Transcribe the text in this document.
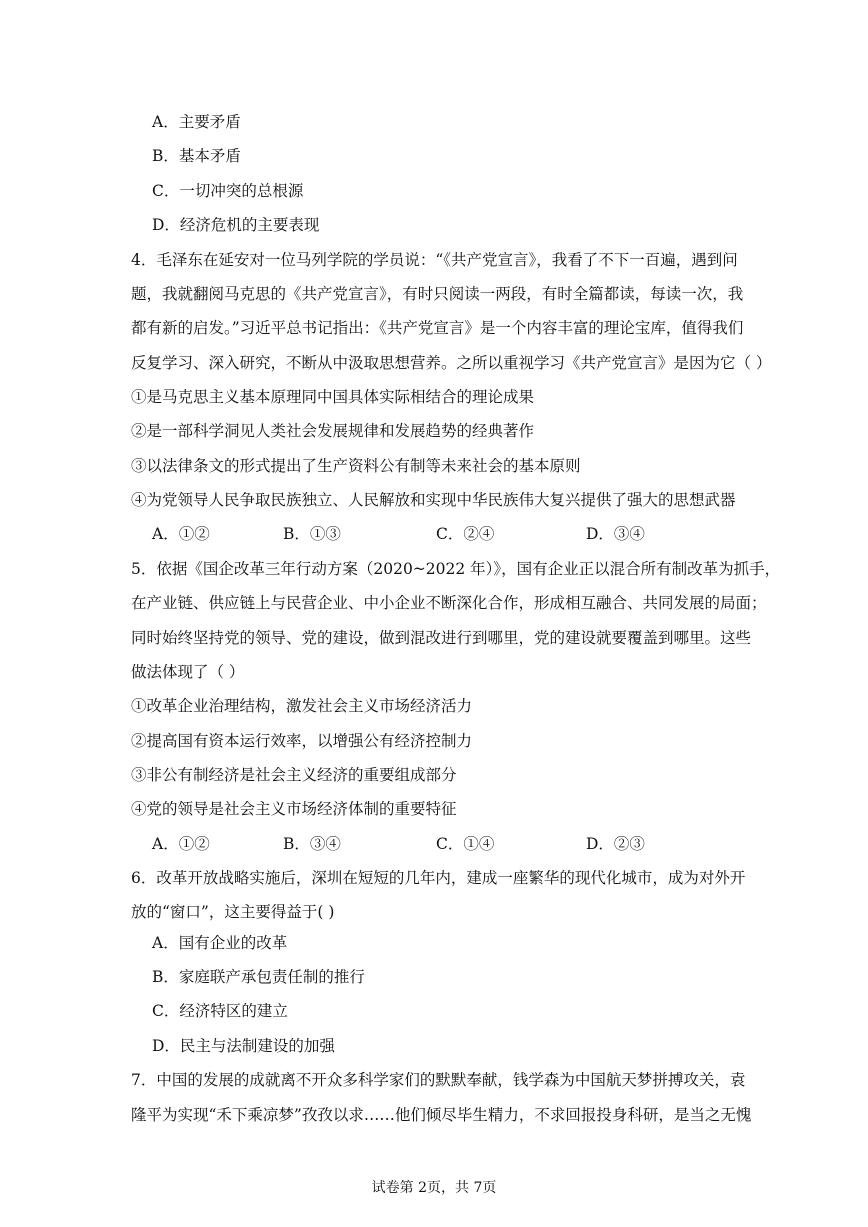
A．主要矛盾
B．基本矛盾
C．一切冲突的总根源
D．经济危机的主要表现
4．毛泽东在延安对一位马列学院的学员说：“《共产党宣言》，我看了不下一百遍，遇到问
题，我就翻阅马克思的《共产党宣言》，有时只阅读一两段，有时全篇都读，每读一次，我
都有新的启发。”习近平总书记指出：《共产党宣言》是一个内容丰富的理论宝库，值得我们
反复学习、深入研究，不断从中汲取思想营养。之所以重视学习《共产党宣言》是因为它（ ）
①是马克思主义基本原理同中国具体实际相结合的理论成果
②是一部科学洞见人类社会发展规律和发展趋势的经典著作
③以法律条文的形式提出了生产资料公有制等未来社会的基本原则
④为党领导人民争取民族独立、人民解放和实现中华民族伟大复兴提供了强大的思想武器
A．①②	B．①③	C．②④	D．③④
5．依据《国企改革三年行动方案（2020~2022 年）》，国有企业正以混合所有制改革为抓手，
在产业链、供应链上与民营企业、中小企业不断深化合作，形成相互融合、共同发展的局面；
同时始终坚持党的领导、党的建设，做到混改进行到哪里，党的建设就要覆盖到哪里。这些
做法体现了（ ）
①改革企业治理结构，激发社会主义市场经济活力
②提高国有资本运行效率，以增强公有经济控制力
③非公有制经济是社会主义经济的重要组成部分
④党的领导是社会主义市场经济体制的重要特征
A．①②	B．③④	C．①④	D．②③
6．改革开放战略实施后，深圳在短短的几年内，建成一座繁华的现代化城市，成为对外开
放的“窗口”，这主要得益于( )
A．国有企业的改革
B．家庭联产承包责任制的推行
C．经济特区的建立
D．民主与法制建设的加强
7．中国的发展的成就离不开众多科学家们的默默奉献，钱学森为中国航天梦拼搏攻关，袁
隆平为实现“禾下乘凉梦”孜孜以求……他们倾尽毕生精力，不求回报投身科研，是当之无愧
试卷第 2页，共 7页
